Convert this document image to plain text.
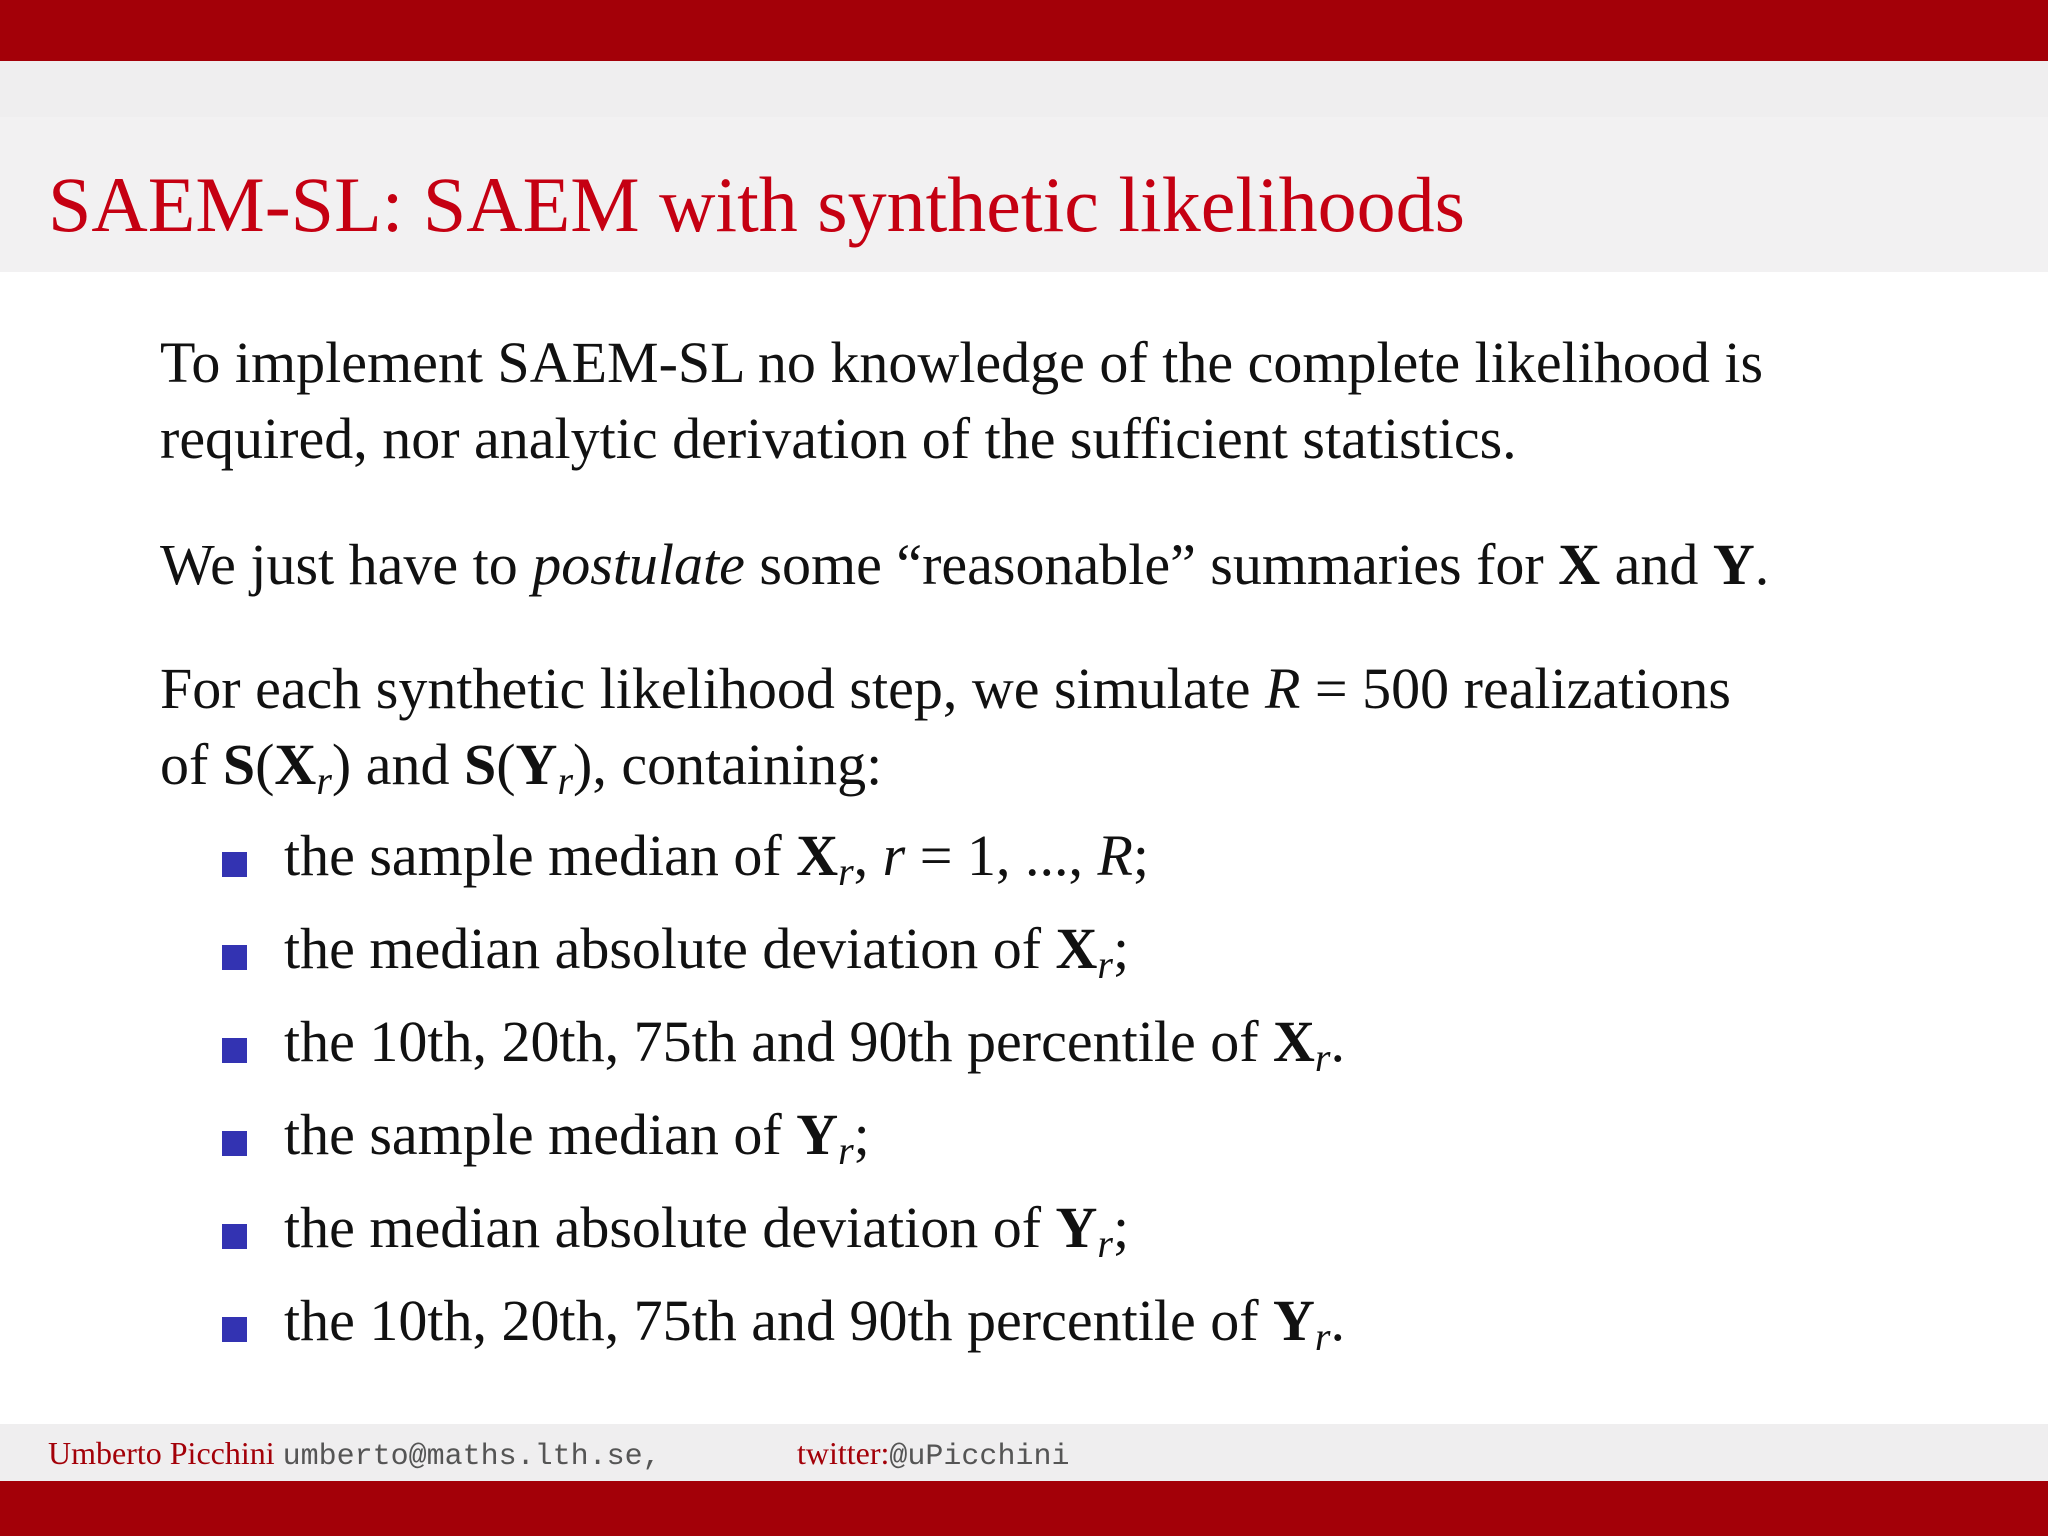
SAEM-SL: SAEM with synthetic likelihoods
To implement SAEM-SL no knowledge of the complete likelihood is
required, nor analytic derivation of the sufficient statistics.
We just have to postulate some “reasonable” summaries for X and Y.
For each synthetic likelihood step, we simulate R = 500 realizations
of $S(X_r)$ and $S(Y_r)$, containing:
the sample median of $X_r$, r = 1, ..., R;
the median absolute deviation of $X_r$;
the 10th, 20th, 75th and 90th percentile of $X_r$.
the sample median of $Y_r$;
the median absolute deviation of $Y_r$;
the 10th, 20th, 75th and 90th percentile of $Y_r$.
Umberto Picchini umberto@maths.lth.se,	twitter:@uPicchini
